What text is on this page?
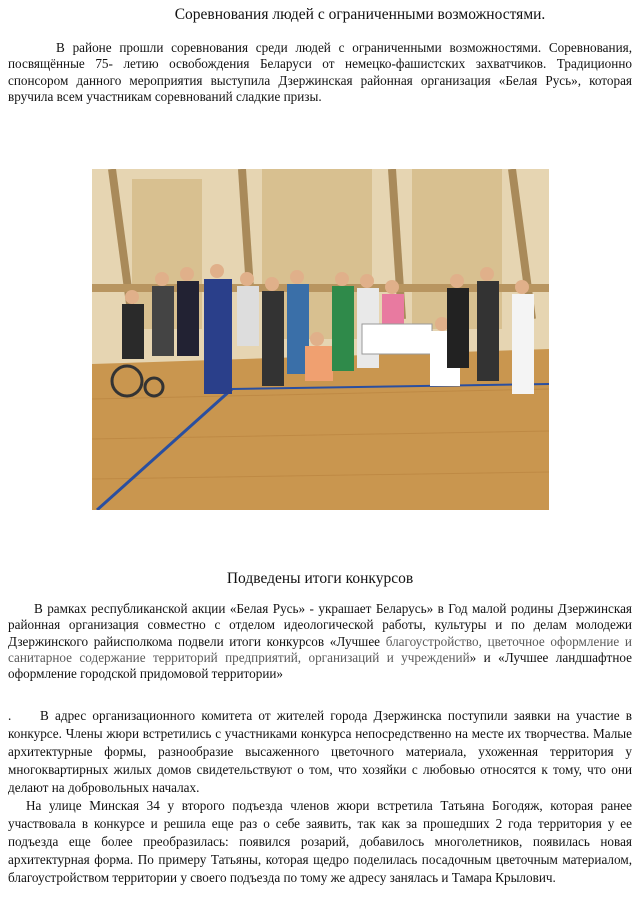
Соревнования людей с ограниченными возможностями.

В районе прошли соревнования среди людей с ограниченными возможностями. Соревнования, посвящённые 75- летию освобождения Беларуси от немецко-фашистских захватчиков. Традиционно спонсором данного мероприятия выступила Дзержинская районная организация «Белая Русь», которая вручила всем участникам соревнований сладкие призы.

Подведены итоги конкурсов

В рамках республиканской акции «Белая Русь» - украшает Беларусь» в Год малой родины Дзержинская районная организация совместно с отделом идеологической работы, культуры и по делам молодежи Дзержинского райисполкома подвели итоги конкурсов «Лучшее благоустройство, цветочное оформление и санитарное содержание территорий предприятий, организаций и учреждений» и «Лучшее ландшафтное оформление городской придомовой территории»

. В адрес организационного комитета от жителей города Дзержинска поступили заявки на участие в конкурсе. Члены жюри встретились с участниками конкурса непосредственно на месте их творчества. Малые архитектурные формы, разнообразие высаженного цветочного материала, ухоженная территория у многоквартирных жилых домов свидетельствуют о том, что хозяйки с любовью относятся к тому, что они делают на добровольных началах.

На улице Минская 34 у второго подъезда членов жюри встретила Татьяна Богодяж, которая ранее участвовала в конкурсе и решила еще раз о себе заявить, так как за прошедших 2 года территория у ее подъезда еще более преобразилась: появился розарий, добавилось многолетников, появилась новая архитектурная форма. По примеру Татьяны, которая щедро поделилась посадочным цветочным материалом, благоустройством территории у своего подъезда по тому же адресу занялась и Тамара Крылович.
